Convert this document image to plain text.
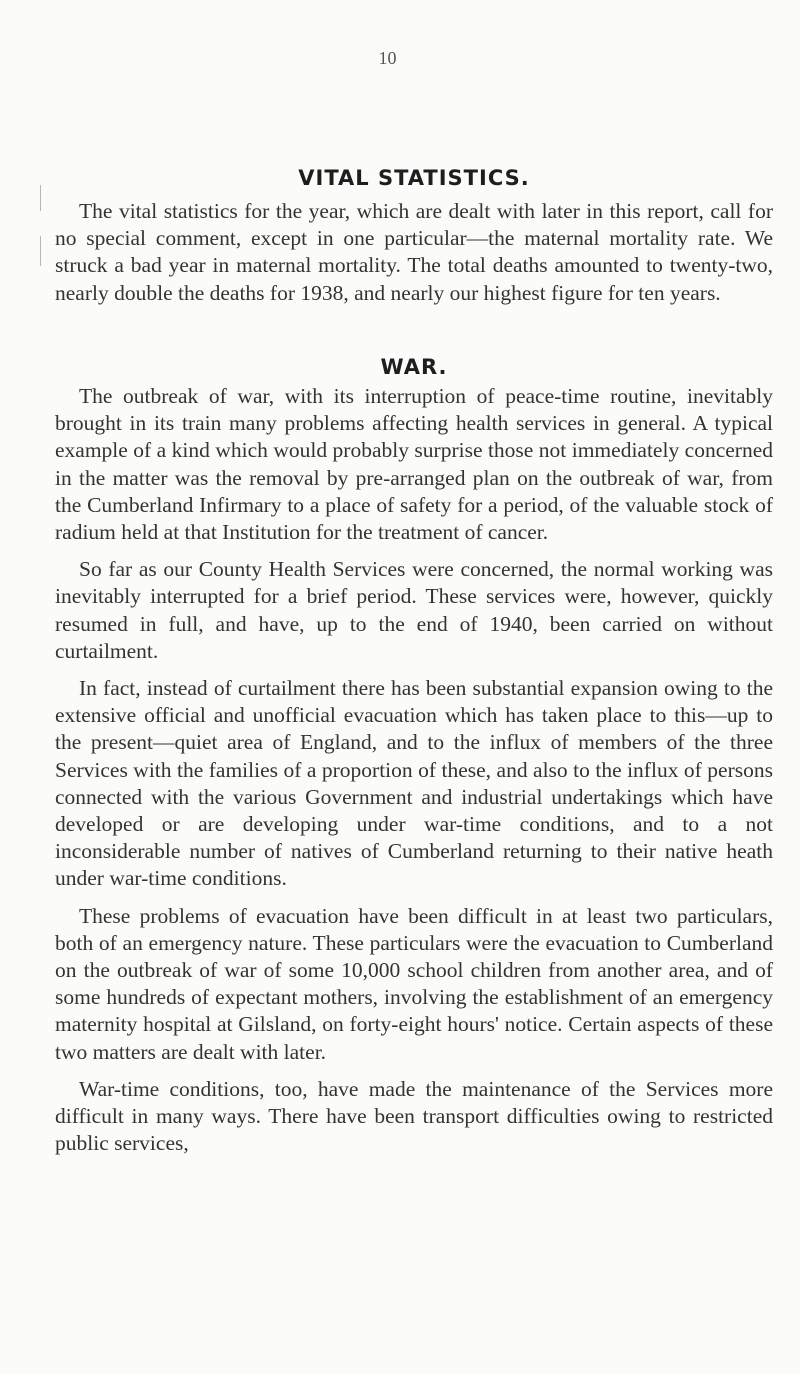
10
VITAL STATISTICS.

The vital statistics for the year, which are dealt with later in this report, call for no special comment, except in one particular—the maternal mortality rate. We struck a bad year in maternal mortality. The total deaths amounted to twenty-two, nearly double the deaths for 1938, and nearly our highest figure for ten years.

WAR.

The outbreak of war, with its interruption of peace-time routine, inevitably brought in its train many problems affecting health services in general. A typical example of a kind which would probably surprise those not immediately concerned in the matter was the removal by pre-arranged plan on the outbreak of war, from the Cumberland Infirmary to a place of safety for a period, of the valuable stock of radium held at that Institution for the treatment of cancer.

So far as our County Health Services were concerned, the normal working was inevitably interrupted for a brief period. These services were, however, quickly resumed in full, and have, up to the end of 1940, been carried on without curtailment.

In fact, instead of curtailment there has been substantial expansion owing to the extensive official and unofficial evacuation which has taken place to this—up to the present—quiet area of England, and to the influx of members of the three Services with the families of a proportion of these, and also to the influx of persons connected with the various Government and industrial undertakings which have developed or are developing under war-time conditions, and to a not inconsiderable number of natives of Cumberland returning to their native heath under war-time conditions.

These problems of evacuation have been difficult in at least two particulars, both of an emergency nature. These particulars were the evacuation to Cumberland on the outbreak of war of some 10,000 school children from another area, and of some hundreds of expectant mothers, involving the establishment of an emergency maternity hospital at Gilsland, on forty-eight hours' notice. Certain aspects of these two matters are dealt with later.

War-time conditions, too, have made the maintenance of the Services more difficult in many ways. There have been transport difficulties owing to restricted public services,
